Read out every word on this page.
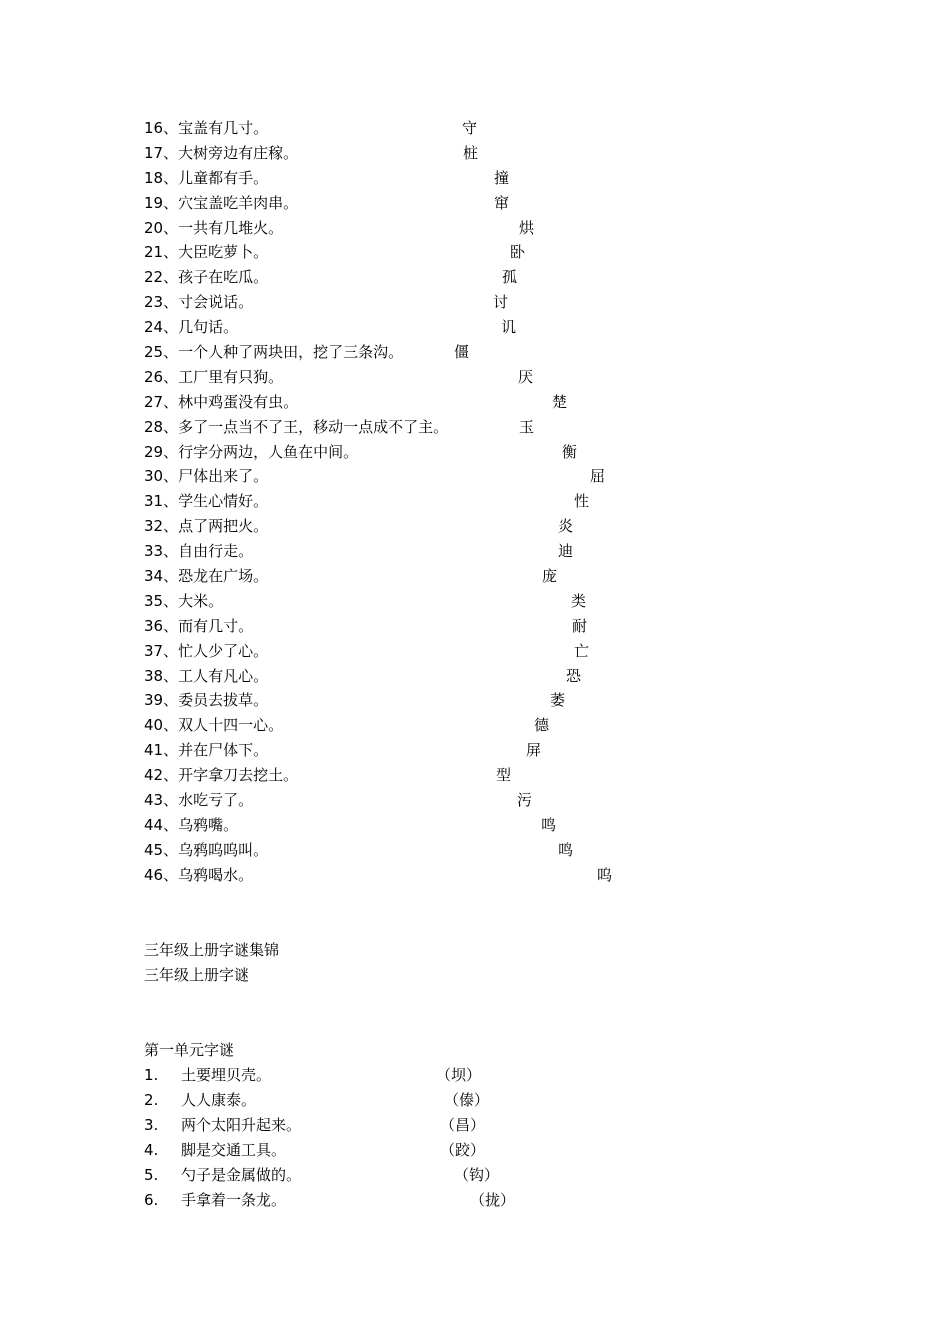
16、宝盖有几寸。	守
17、大树旁边有庄稼。	桩
18、儿童都有手。	撞
19、穴宝盖吃羊肉串。	窜
20、一共有几堆火。	烘
21、大臣吃萝卜。	卧
22、孩子在吃瓜。	孤
23、寸会说话。	讨
24、几句话。	讥
25、一个人种了两块田，挖了三条沟。	僵
26、工厂里有只狗。	厌
27、林中鸡蛋没有虫。	楚
28、多了一点当不了王，移动一点成不了主。	玉
29、行字分两边，人鱼在中间。	衡
30、尸体出来了。	屈
31、学生心情好。	性
32、点了两把火。	炎
33、自由行走。	迪
34、恐龙在广场。	庞
35、大米。	类
36、而有几寸。	耐
37、忙人少了心。	亡
38、工人有凡心。	恐
39、委员去拔草。	萎
40、双人十四一心。	德
41、并在尸体下。	屏
42、开字拿刀去挖土。	型
43、水吃亏了。	污
44、乌鸦嘴。	鸣
45、乌鸦呜呜叫。	鸣
46、乌鸦喝水。	呜
三年级上册字谜集锦
三年级上册字谜
第一单元字谜
1. 土要埋贝壳。	（坝）
2. 人人康泰。	（傣）
3. 两个太阳升起来。	（昌）
4. 脚是交通工具。	（跤）
5. 勺子是金属做的。	（钩）
6. 手拿着一条龙。	（拢）
